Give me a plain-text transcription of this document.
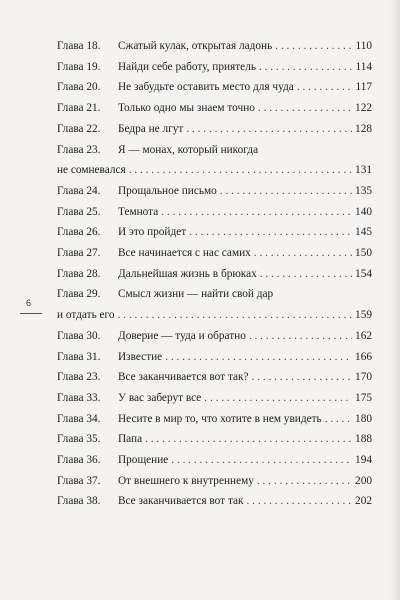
Глава 18.	Сжатый кулак, открытая ладонь . . .	110
Глава 19.	Найди себе работу, приятель . . .	114
Глава 20.	Не забудьте оставить место для чуда . . .	117
Глава 21.	Только одно мы знаем точно . . .	122
Глава 22.	Бедра не лгут . . .	128
Глава 23.	Я — монах, который никогда
не сомневался . . .	131
Глава 24.	Прощальное письмо . . .	135
Глава 25.	Темнота . . .	140
Глава 26.	И это пройдет . . .	145
Глава 27.	Все начинается с нас самих . . .	150
Глава 28.	Дальнейшая жизнь в брюках . . .	154
Глава 29.	Смысл жизни — найти свой дар
и отдать его . . .	159
Глава 30.	Доверие — туда и обратно . . .	162
Глава 31.	Известие . . .	166
Глава 23.	Все заканчивается вот так? . . .	170
Глава 33.	У вас заберут все . . .	175
Глава 34.	Несите в мир то, что хотите в нем увидеть . . .	180
Глава 35.	Папа . . .	188
Глава 36.	Прощение . . .	194
Глава 37.	От внешнего к внутреннему . . .	200
Глава 38.	Все заканчивается вот так . . .	202
6
